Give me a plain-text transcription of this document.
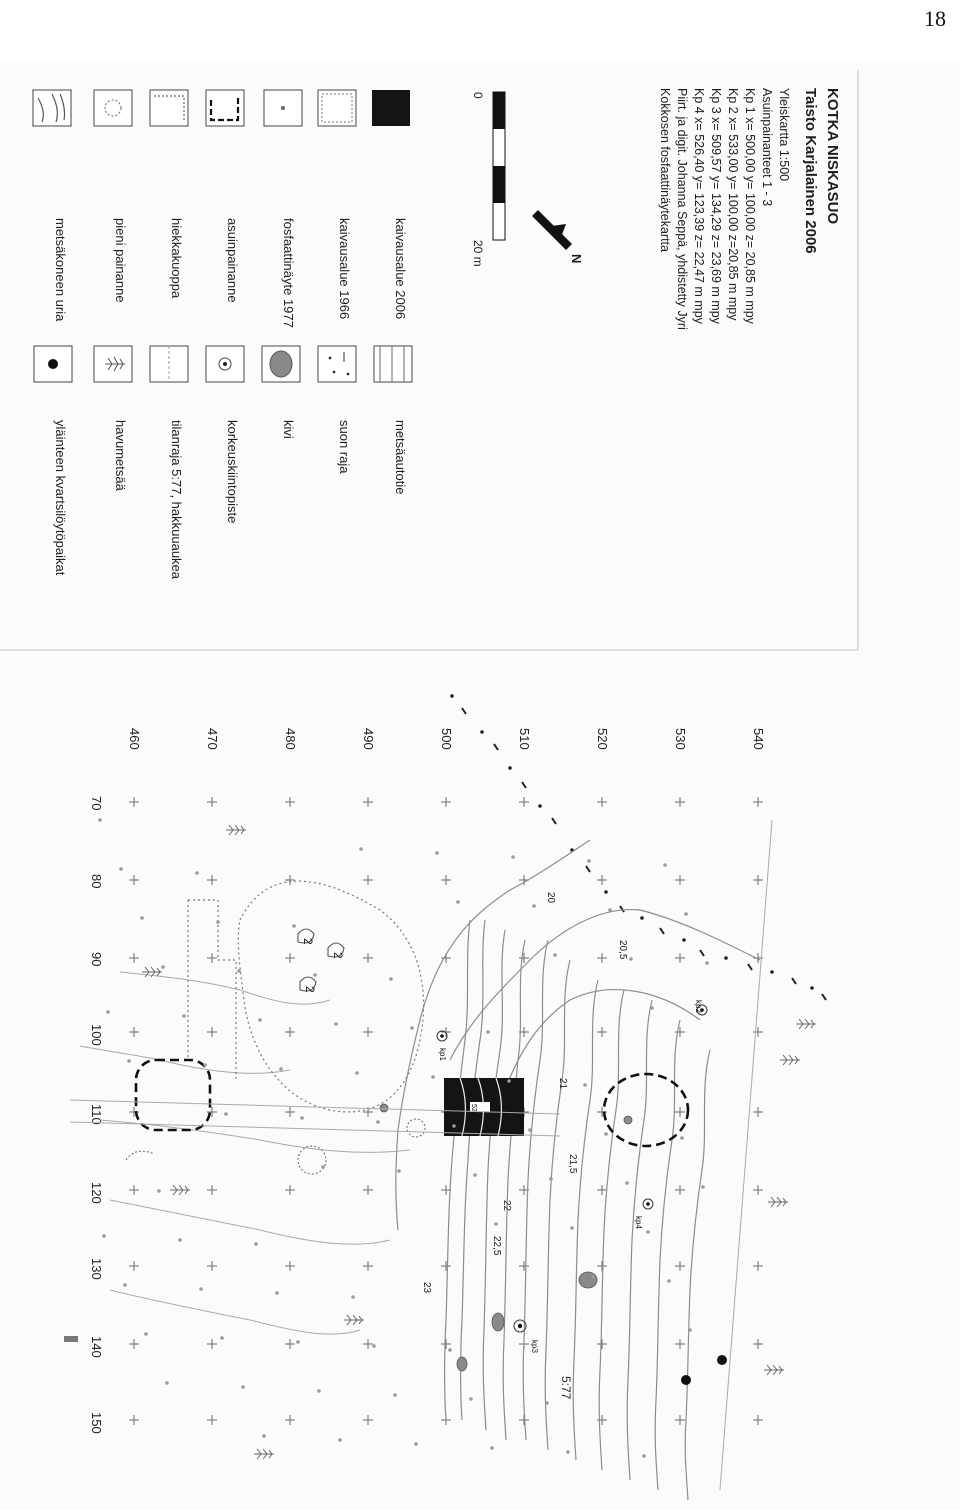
18
KOTKA NISKASUO
Taisto Karjalainen 2006
Yleiskartta 1:500
Asuinpainanteet 1 - 3
Kp 1 x= 500,00 y= 100,00 z= 20,85 m mpy
Kp 2 x= 533,00 y= 100,00 z=20,85 m mpy
Kp 3 x= 509,57 y= 134,29 z= 23,69 m mpy
Kp 4 x= 526,40 y= 123,39 z= 22,47 m mpy
Piirt. ja digit. Johanna Seppä, yhdistetty Jyri
Kokkosen fosfaattinäytekartta
N
0
20 m
kaivausalue 2006
kaivausalue 1966
fosfaattinäyte 1977
asuinpainanne
hiekkakuoppa
pieni painanne
metsäkoneen uria
metsäautotie
suon raja
kivi
korkeuskiintopiste
tilanraja 5:77, hakkuuaukea
havumetsää
yläinteen kvartsilöytöpaikat
540
530
520
510
500
490
480
470
460
70
80
90
100
110
120
130
140
150
5:77
20
20,5
21
21,5
22
22,5
23
2
2
2
528
kp1
kp2
kp3
kp4
